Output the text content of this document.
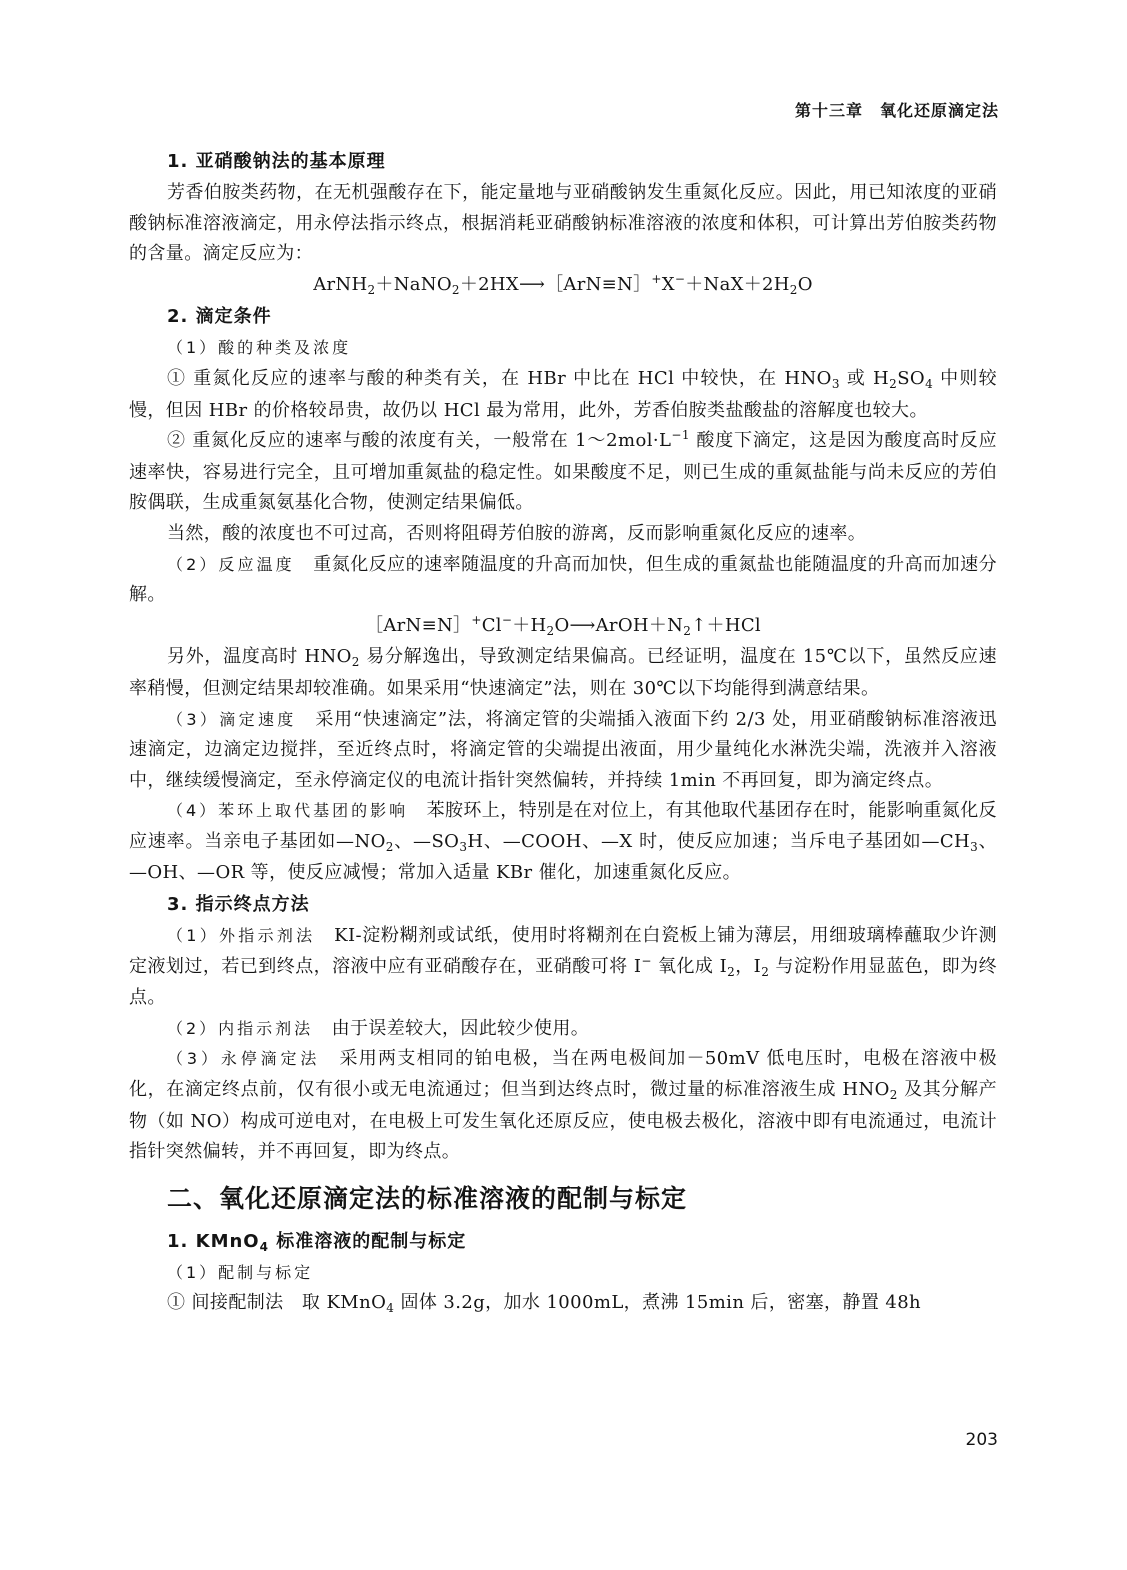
第十三章　氧化还原滴定法
1. 亚硝酸钠法的基本原理

芳香伯胺类药物，在无机强酸存在下，能定量地与亚硝酸钠发生重氮化反应。因此，用已知浓度的亚硝酸钠标准溶液滴定，用永停法指示终点，根据消耗亚硝酸钠标准溶液的浓度和体积，可计算出芳伯胺类药物的含量。滴定反应为：

$ArNH_2+NaNO_2+2HX⟶[ArN\equiv N]^+X^-+NaX+2H_2O$
2. 滴定条件

（1）酸的种类及浓度

① 重氮化反应的速率与酸的种类有关，在 HBr 中比在 HCl 中较快，在 $HNO_3$ 或 $H_2SO_4$ 中则较慢，但因 HBr 的价格较昂贵，故仍以 HCl 最为常用，此外，芳香伯胺类盐酸盐的溶解度也较大。

② 重氮化反应的速率与酸的浓度有关，一般常在 $1\sim 2mol\cdot L^{-1}$ 酸度下滴定，这是因为酸度高时反应速率快，容易进行完全，且可增加重氮盐的稳定性。如果酸度不足，则已生成的重氮盐能与尚未反应的芳伯胺偶联，生成重氮氨基化合物，使测定结果偏低。

当然，酸的浓度也不可过高，否则将阻碍芳伯胺的游离，反而影响重氮化反应的速率。

（2）反应温度　重氮化反应的速率随温度的升高而加快，但生成的重氮盐也能随温度的升高而加速分解。

$[ArN\equiv N]^+Cl^-+H_2O⟶ArOH+N_2↑+HCl$

另外，温度高时 $HNO_2$ 易分解逸出，导致测定结果偏高。已经证明，温度在 15℃以下，虽然反应速率稍慢，但测定结果却较准确。如果采用“快速滴定”法，则在 30℃以下均能得到满意结果。

（3）滴定速度　采用“快速滴定”法，将滴定管的尖端插入液面下约 2/3 处，用亚硝酸钠标准溶液迅速滴定，边滴定边搅拌，至近终点时，将滴定管的尖端提出液面，用少量纯化水淋洗尖端，洗液并入溶液中，继续缓慢滴定，至永停滴定仪的电流计指针突然偏转，并持续 1min 不再回复，即为滴定终点。

（4）苯环上取代基团的影响　苯胺环上，特别是在对位上，有其他取代基团存在时，能影响重氮化反应速率。当亲电子基团如$—NO_2$、$—SO_3H$、—COOH、—X 时，使反应加速；当斥电子基团如$—CH_3$、—OH、—OR 等，使反应减慢；常加入适量 KBr 催化，加速重氮化反应。

3. 指示终点方法

（1）外指示剂法　KI-淀粉糊剂或试纸，使用时将糊剂在白瓷板上铺为薄层，用细玻璃棒蘸取少许测定液划过，若已到终点，溶液中应有亚硝酸存在，亚硝酸可将 I− 氧化成 $I_2$，$I_2$ 与淀粉作用显蓝色，即为终点。

（2）内指示剂法　由于误差较大，因此较少使用。

（3）永停滴定法　采用两支相同的铂电极，当在两电极间加－50mV 低电压时，电极在溶液中极化，在滴定终点前，仅有很小或无电流通过；但当到达终点时，微过量的标准溶液生成 $HNO_2$ 及其分解产物（如 NO）构成可逆电对，在电极上可发生氧化还原反应，使电极去极化，溶液中即有电流通过，电流计指针突然偏转，并不再回复，即为终点。

二、氧化还原滴定法的标准溶液的配制与标定
1. KMnO$_4$ 标准溶液的配制与标定

（1）配制与标定

① 间接配制法　取 KMnO$_4$ 固体 3.2g，加水 1000mL，煮沸 15min 后，密塞，静置 48h

203
